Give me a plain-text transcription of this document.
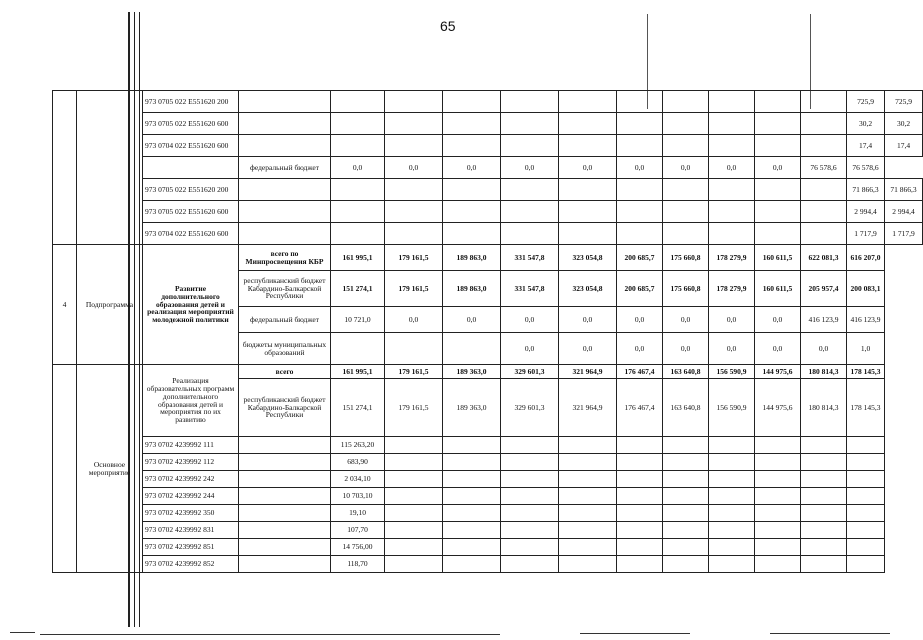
65
		973 0705 022 E551620 200												725,9	725,9
		973 0705 022 E551620 600												30,2	30,2
		973 0704 022 E551620 600												17,4	17,4
			федеральный бюджет	0,0	0,0	0,0	0,0	0,0	0,0	0,0	0,0	0,0	76 578,6	76 578,6	
		973 0705 022 E551620 200												71 866,3	71 866,3
		973 0705 022 E551620 600												2 994,4	2 994,4
		973 0704 022 E551620 600												1 717,9	1 717,9
4	Подпрограмма	Развитие дополнительного образования детей и реализация мероприятий молодежной политики	всего по Минпросвещения КБР	161 995,1	179 161,5	189 863,0	331 547,8	323 054,8	200 685,7	175 660,8	178 279,9	160 611,5	622 081,3	616 207,0	
			республиканский бюджет Кабардино-Балкарской Республики	151 274,1	179 161,5	189 863,0	331 547,8	323 054,8	200 685,7	175 660,8	178 279,9	160 611,5	205 957,4	200 083,1	
			федеральный бюджет	10 721,0	0,0	0,0	0,0	0,0	0,0	0,0	0,0	0,0	416 123,9	416 123,9	
			бюджеты муниципальных образований				0,0	0,0	0,0	0,0	0,0	0,0	0,0	1,0	
	Основное мероприятие	Реализация образовательных программ дополнительного образования детей и мероприятия по их развитию	всего	161 995,1	179 161,5	189 363,0	329 601,3	321 964,9	176 467,4	163 640,8	156 590,9	144 975,6	180 814,3	178 145,3	
			республиканский бюджет Кабардино-Балкарской Республики	151 274,1	179 161,5	189 363,0	329 601,3	321 964,9	176 467,4	163 640,8	156 590,9	144 975,6	180 814,3	178 145,3	
		973 0702 4239992 111		115 263,20											
		973 0702 4239992 112		683,90											
		973 0702 4239992 242		2 034,10											
		973 0702 4239992 244		10 703,10											
		973 0702 4239992 350		19,10											
		973 0702 4239992 831		107,70											
		973 0702 4239992 851		14 756,00											
		973 0702 4239992 852		118,70											
